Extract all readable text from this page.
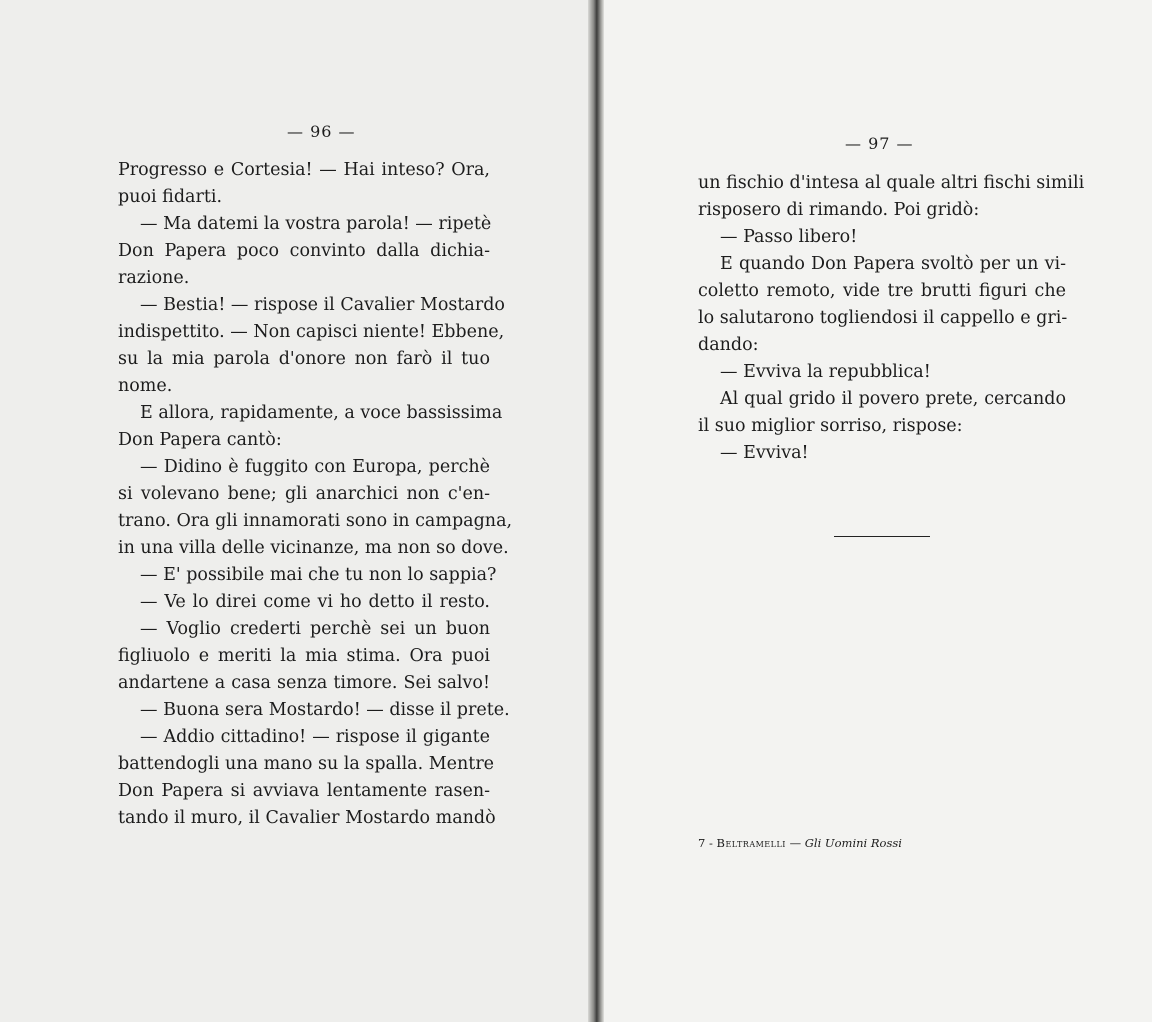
— 96 —
Progresso e Cortesia! — Hai inteso? Ora,
puoi fidarti.
— Ma datemi la vostra parola! — ripetè
Don Papera poco convinto dalla dichia-
razione.
— Bestia! — rispose il Cavalier Mostardo
indispettito. — Non capisci niente! Ebbene,
su la mia parola d'onore non farò il tuo
nome.
E allora, rapidamente, a voce bassissima
Don Papera cantò:
— Didino è fuggito con Europa, perchè
si volevano bene; gli anarchici non c'en-
trano. Ora gli innamorati sono in campagna,
in una villa delle vicinanze, ma non so dove.
— E' possibile mai che tu non lo sappia?
— Ve lo direi come vi ho detto il resto.
— Voglio crederti perchè sei un buon
figliuolo e meriti la mia stima. Ora puoi
andartene a casa senza timore. Sei salvo!
— Buona sera Mostardo! — disse il prete.
— Addio cittadino! — rispose il gigante
battendogli una mano su la spalla. Mentre
Don Papera si avviava lentamente rasen-
tando il muro, il Cavalier Mostardo mandò
— 97 —
un fischio d'intesa al quale altri fischi simili
risposero di rimando. Poi gridò:
— Passo libero!
E quando Don Papera svoltò per un vi-
coletto remoto, vide tre brutti figuri che
lo salutarono togliendosi il cappello e gri-
dando:
— Evviva la repubblica!
Al qual grido il povero prete, cercando
il suo miglior sorriso, rispose:
— Evviva!
7 - Beltramelli — Gli Uomini Rossi
